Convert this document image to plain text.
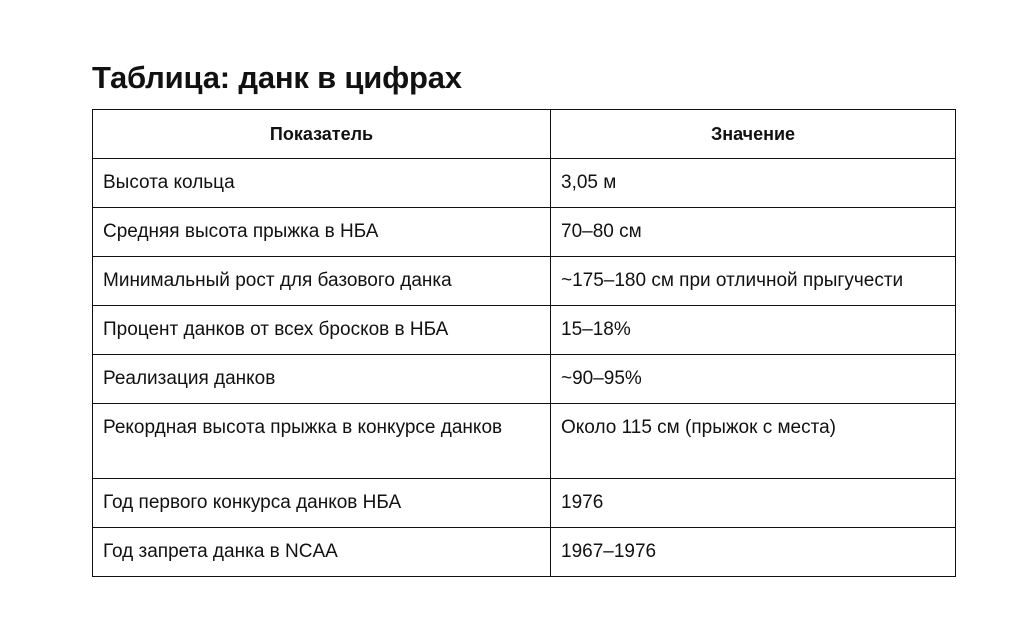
Таблица: данк в цифрах
Показатель	Значение
Высота кольца	3,05 м
Средняя высота прыжка в НБА	70–80 см
Минимальный рост для базового данка	~175–180 см при отличной прыгучести
Процент данков от всех бросков в НБА	15–18%
Реализация данков	~90–95%
Рекордная высота прыжка в конкурсе данков	Около 115 см (прыжок с места)
Год первого конкурса данков НБА	1976
Год запрета данка в NCAA	1967–1976
